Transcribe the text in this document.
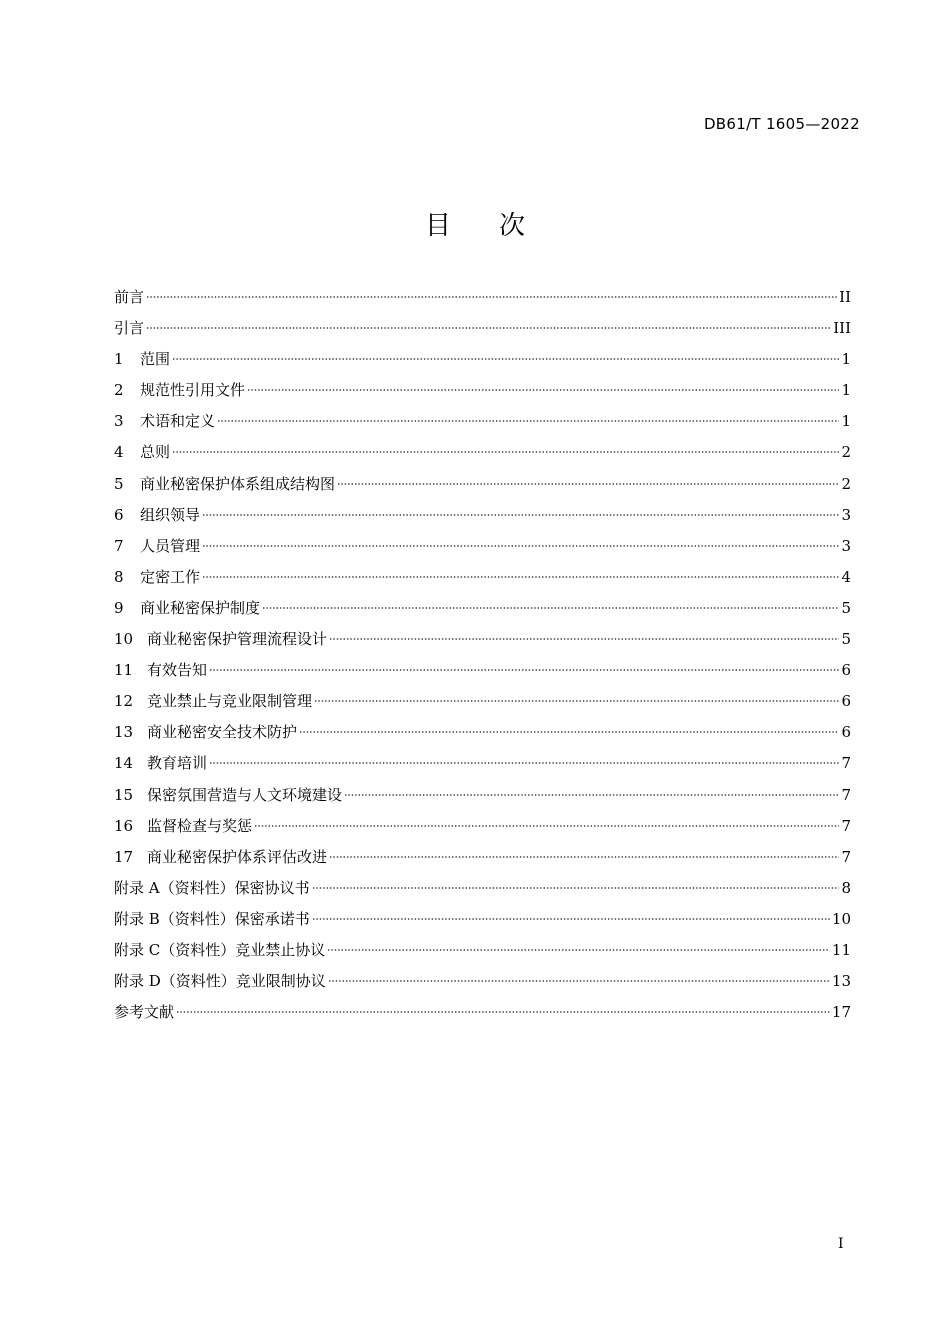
DB61/T 1605—2022
目 次
前言	II
引言	III
1	范围	1
2	规范性引用文件	1
3	术语和定义	1
4	总则	2
5	商业秘密保护体系组成结构图	2
6	组织领导	3
7	人员管理	3
8	定密工作	4
9	商业秘密保护制度	5
10 商业秘密保护管理流程设计	5
11 有效告知	6
12 竞业禁止与竞业限制管理	6
13 商业秘密安全技术防护	6
14 教育培训	7
15 保密氛围营造与人文环境建设	7
16 监督检查与奖惩	7
17 商业秘密保护体系评估改进	7
附录 A（资料性）保密协议书	8
附录 B（资料性）保密承诺书	10
附录 C（资料性）竞业禁止协议	11
附录 D（资料性）竞业限制协议	13
参考文献	17
I
